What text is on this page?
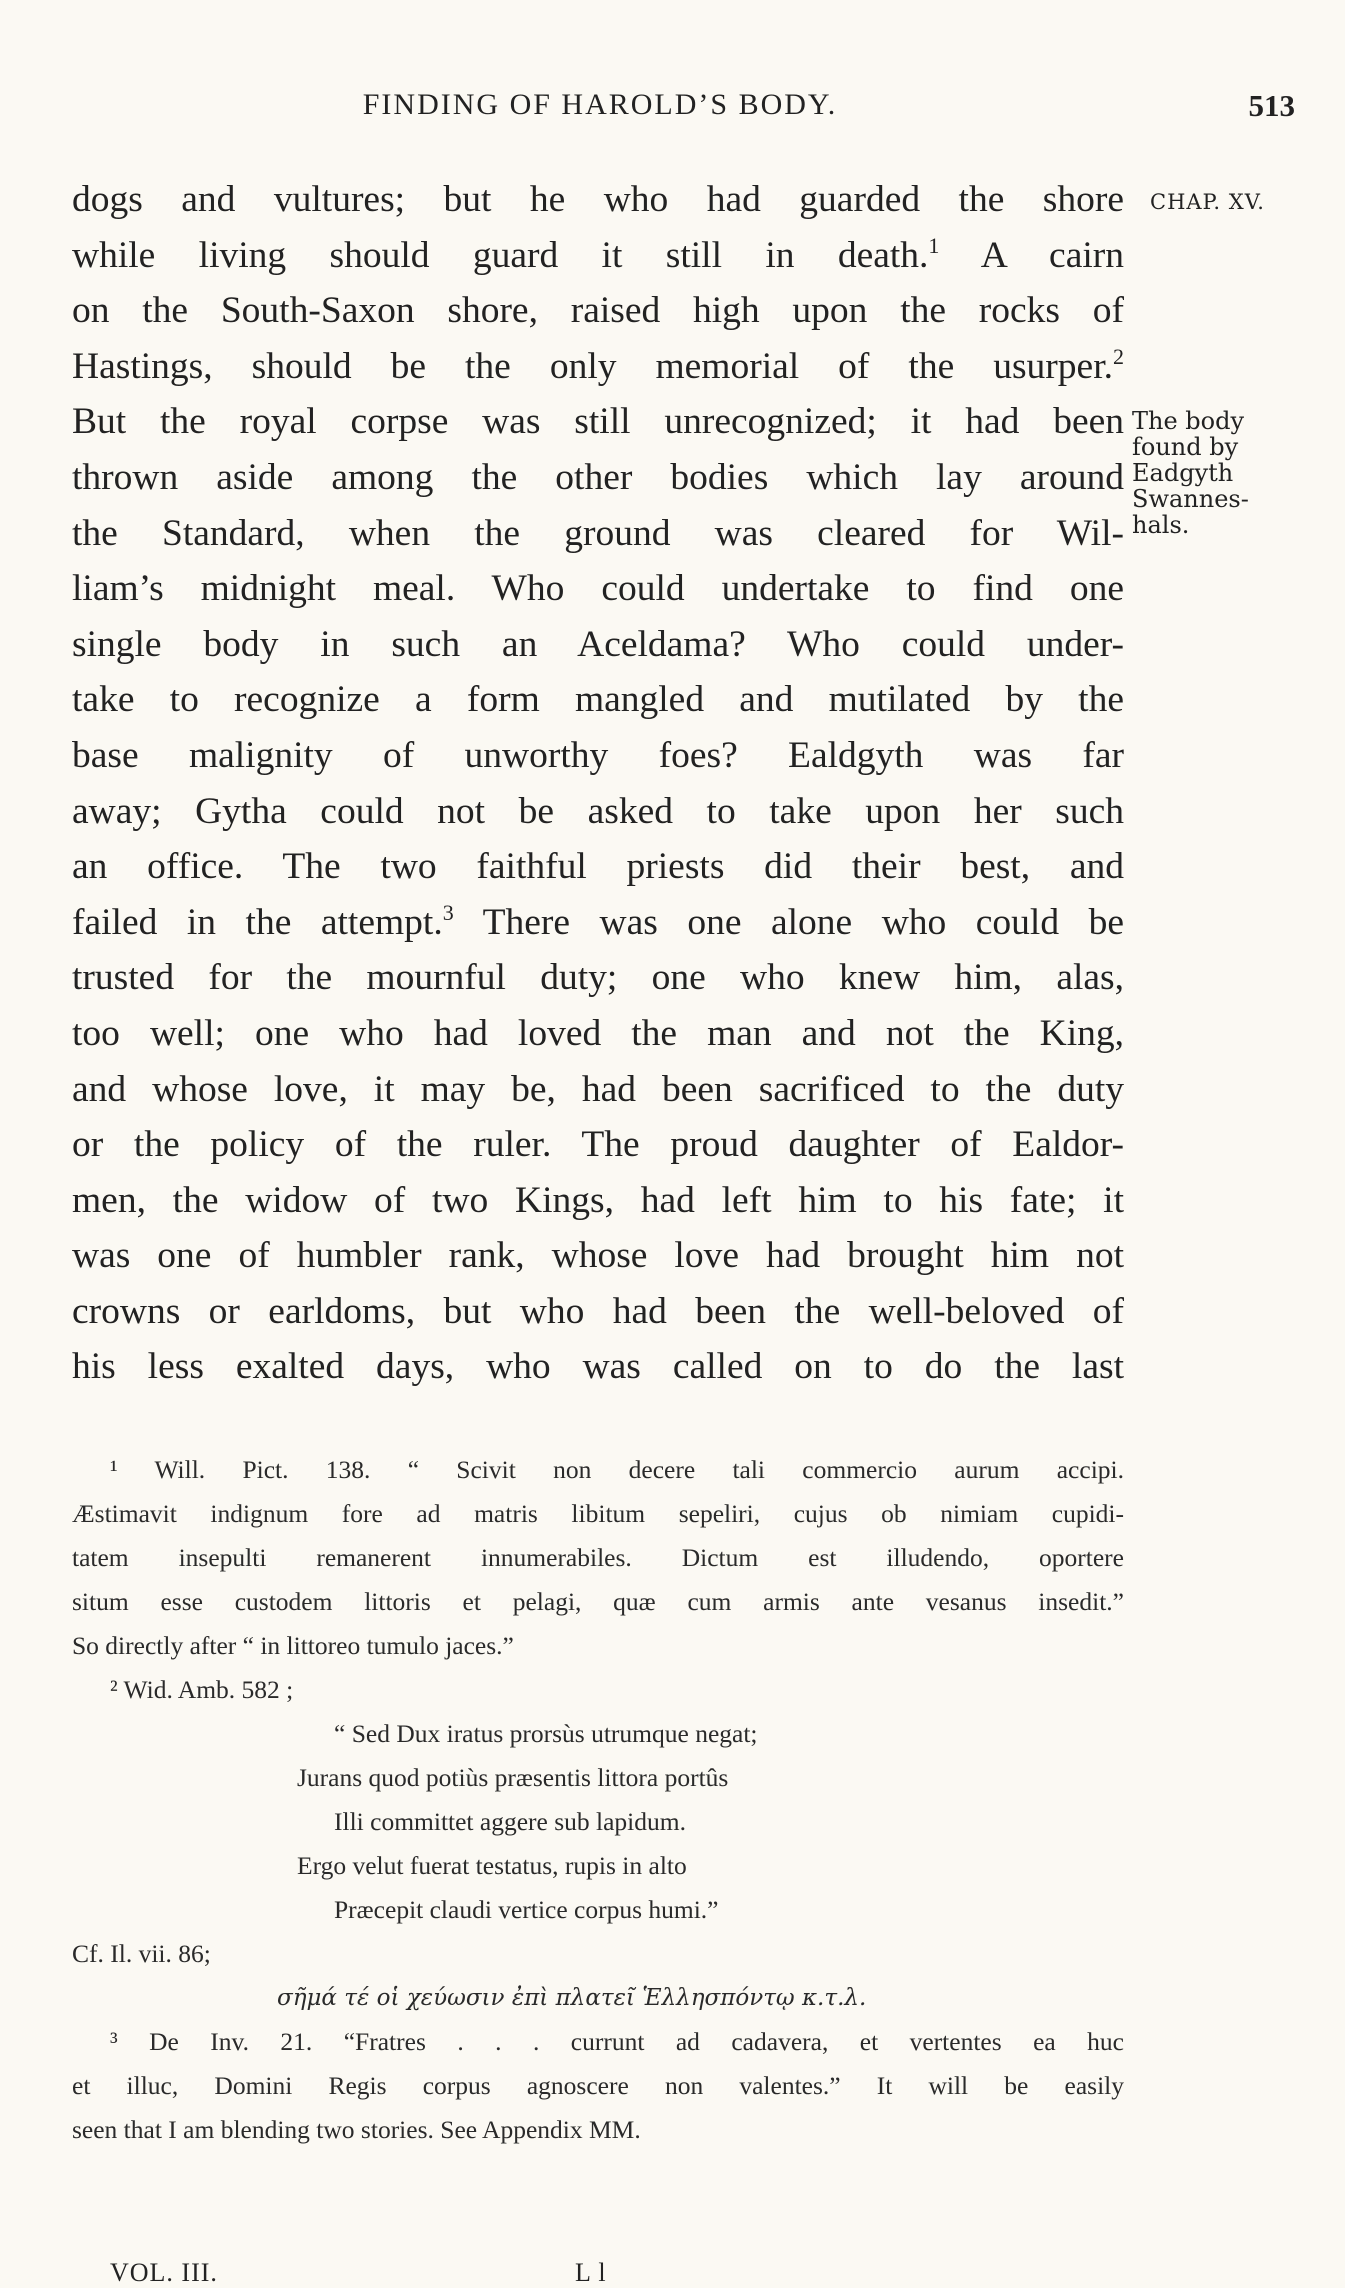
FINDING OF HAROLD’S BODY.	513
CHAP. XV.
The body
found by
Eadgyth
Swannes-
hals.
dogs and vultures; but he who had guarded the shore
while living should guard it still in death.$^1$ A cairn
on the South-Saxon shore, raised high upon the rocks of
Hastings, should be the only memorial of the usurper.$^2$
But the royal corpse was still unrecognized; it had been
thrown aside among the other bodies which lay around
the Standard, when the ground was cleared for Wil-
liam’s midnight meal. Who could undertake to find one
single body in such an Aceldama? Who could under-
take to recognize a form mangled and mutilated by the
base malignity of unworthy foes? Ealdgyth was far
away; Gytha could not be asked to take upon her such
an office. The two faithful priests did their best, and
failed in the attempt.$^3$ There was one alone who could be
trusted for the mournful duty; one who knew him, alas,
too well; one who had loved the man and not the King,
and whose love, it may be, had been sacrificed to the duty
or the policy of the ruler. The proud daughter of Ealdor-
men, the widow of two Kings, had left him to his fate; it
was one of humbler rank, whose love had brought him not
crowns or earldoms, but who had been the well-beloved of
his less exalted days, who was called on to do the last
¹ Will. Pict. 138. “ Scivit non decere tali commercio aurum accipi.
Æstimavit indignum fore ad matris libitum sepeliri, cujus ob nimiam cupidi-
tatem insepulti remanerent innumerabiles. Dictum est illudendo, oportere
situm esse custodem littoris et pelagi, quæ cum armis ante vesanus insedit.”
So directly after “ in littoreo tumulo jaces.”
² Wid. Amb. 582 ;
“ Sed Dux iratus prorsùs utrumque negat;
Jurans quod potiùs præsentis littora portûs
Illi committet aggere sub lapidum.
Ergo velut fuerat testatus, rupis in alto
Præcepit claudi vertice corpus humi.”
Cf. Il. vii. 86;
σῆμά τέ οἱ χεύωσιν ἐπὶ πλατεῖ Ἑλλησπόντῳ κ.τ.λ.
³ De Inv. 21. “Fratres . . . currunt ad cadavera, et vertentes ea huc
et illuc, Domini Regis corpus agnoscere non valentes.” It will be easily
seen that I am blending two stories. See Appendix MM.
VOL. III.	L l
